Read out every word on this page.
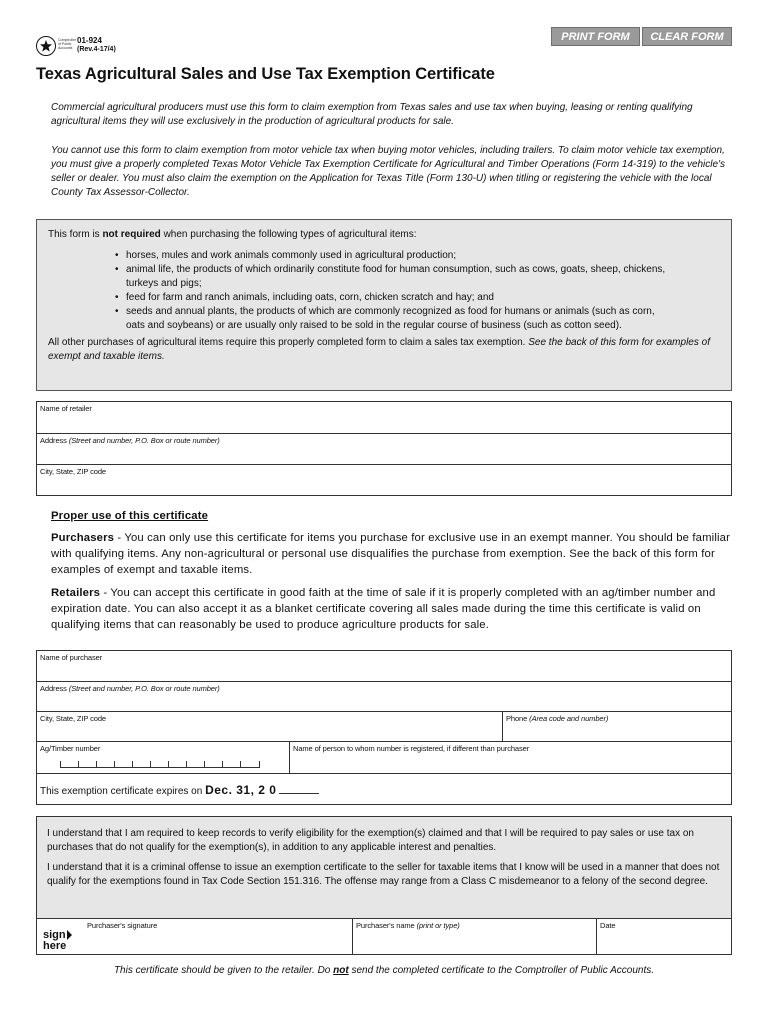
PRINT FORM	CLEAR FORM
Comptroller of Public Accounts
01-924
(Rev.4-17/4)
Texas Agricultural Sales and Use Tax Exemption Certificate

Commercial agricultural producers must use this form to claim exemption from Texas sales and use tax when buying, leasing or renting qualifying agricultural items they will use exclusively in the production of agricultural products for sale.

You cannot use this form to claim exemption from motor vehicle tax when buying motor vehicles, including trailers. To claim motor vehicle tax exemption, you must give a properly completed Texas Motor Vehicle Tax Exemption Certificate for Agricultural and Timber Operations (Form 14-319) to the vehicle's seller or dealer. You must also claim the exemption on the Application for Texas Title (Form 130-U) when titling or registering the vehicle with the local County Tax Assessor-Collector.

This form is not required when purchasing the following types of agricultural items:
• horses, mules and work animals commonly used in agricultural production;
• animal life, the products of which ordinarily constitute food for human consumption, such as cows, goats, sheep, chickens, turkeys and pigs;
• feed for farm and ranch animals, including oats, corn, chicken scratch and hay; and
• seeds and annual plants, the products of which are commonly recognized as food for humans or animals (such as corn, oats and soybeans) or are usually only raised to be sold in the regular course of business (such as cotton seed).
All other purchases of agricultural items require this properly completed form to claim a sales tax exemption. See the back of this form for examples of exempt and taxable items.
Name of retailer
Address (Street and number, P.O. Box or route number)
City, State, ZIP code
Proper use of this certificate

Purchasers - You can only use this certificate for items you purchase for exclusive use in an exempt manner. You should be familiar with qualifying items. Any non-agricultural or personal use disqualifies the purchase from exemption. See the back of this form for examples of exempt and taxable items.

Retailers - You can accept this certificate in good faith at the time of sale if it is properly completed with an ag/timber number and expiration date. You can also accept it as a blanket certificate covering all sales made during the time this certificate is valid on qualifying items that can reasonably be used to produce agriculture products for sale.

Name of purchaser
Address (Street and number, P.O. Box or route number)
City, State, ZIP code	Phone (Area code and number)
Ag/Timber number	Name of person to whom number is registered, if different than purchaser
This exemption certificate expires on Dec. 31, 2 0

I understand that I am required to keep records to verify eligibility for the exemption(s) claimed and that I will be required to pay sales or use tax on purchases that do not qualify for the exemption(s), in addition to any applicable interest and penalties.

I understand that it is a criminal offense to issue an exemption certificate to the seller for taxable items that I know will be used in a manner that does not qualify for the exemptions found in Tax Code Section 151.316. The offense may range from a Class C misdemeanor to a felony of the second degree.

sign
here
Purchaser's signature	Purchaser's name (print or type)	Date
This certificate should be given to the retailer. Do not send the completed certificate to the Comptroller of Public Accounts.
